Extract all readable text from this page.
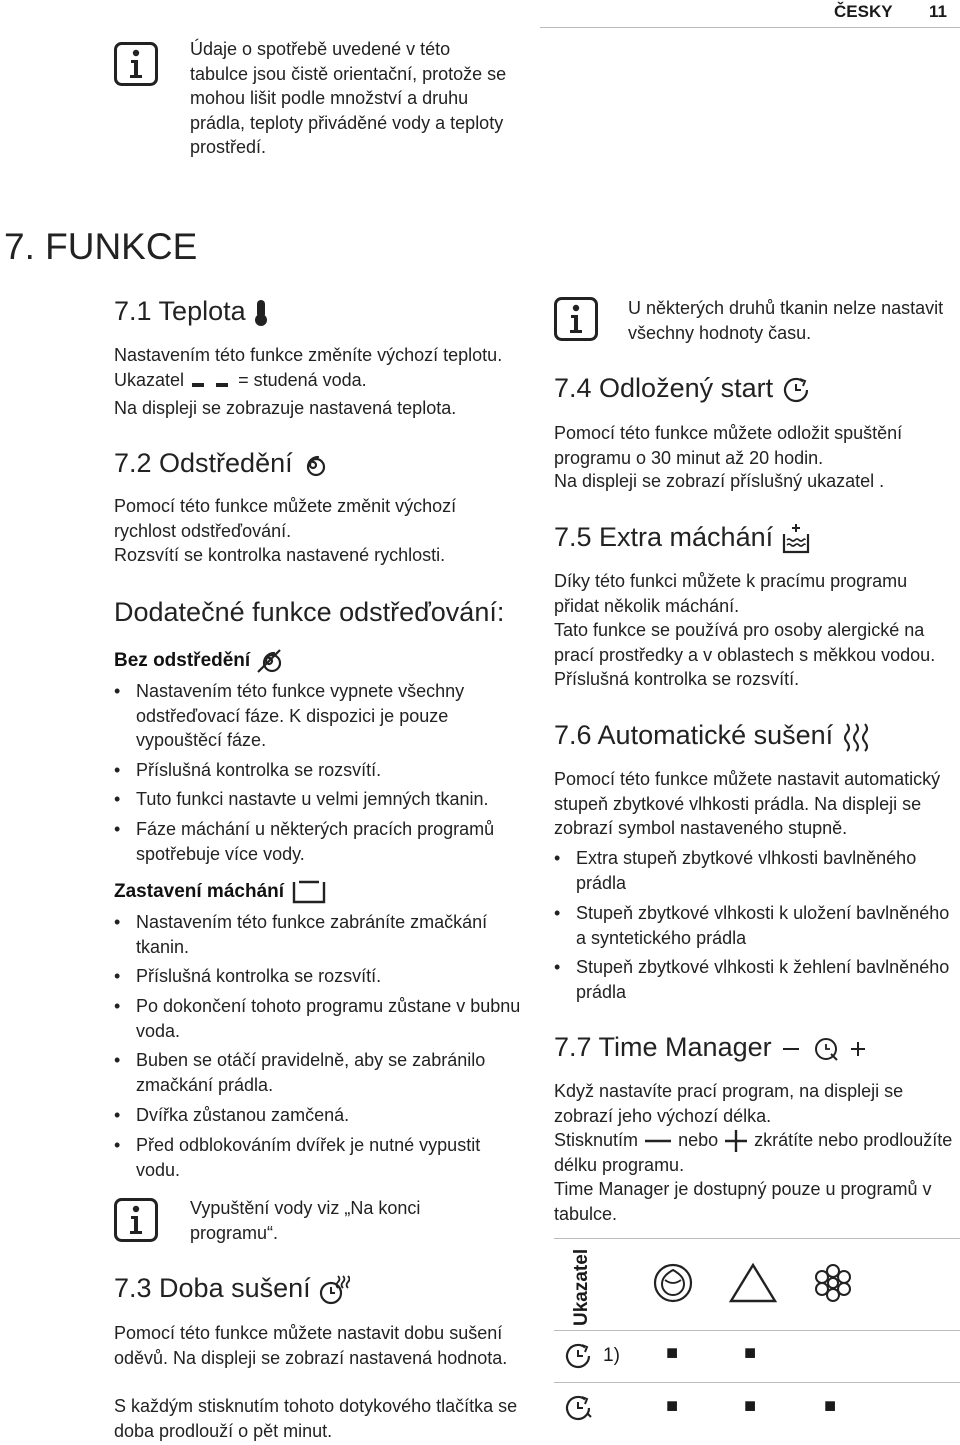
ČESKY 11
Údaje o spotřebě uvedené v této tabulce jsou čistě orientační, protože se mohou lišit podle množství a druhu prádla, teploty přiváděné vody a teploty prostředí.
7. FUNKCE
7.1 Teplota
Nastavením této funkce změníte výchozí teplotu.
Ukazatel	= studená voda.
Na displeji se zobrazuje nastavená teplota.
7.2 Odstředění
Pomocí této funkce můžete změnit výchozí rychlost odstřeďování.
Rozsvítí se kontrolka nastavené rychlosti.
Dodatečné funkce odstřeďování:
Bez odstředění
• Nastavením této funkce vypnete všechny odstřeďovací fáze. K dispozici je pouze vypouštěcí fáze.
• Příslušná kontrolka se rozsvítí.
• Tuto funkci nastavte u velmi jemných tkanin.
• Fáze máchání u některých pracích programů spotřebuje více vody.
Zastavení máchání
• Nastavením této funkce zabráníte zmačkání tkanin.
• Příslušná kontrolka se rozsvítí.
• Po dokončení tohoto programu zůstane v bubnu voda.
• Buben se otáčí pravidelně, aby se zabránilo zmačkání prádla.
• Dvířka zůstanou zamčená.
• Před odblokováním dvířek je nutné vypustit vodu.
Vypuštění vody viz „Na konci programu“.
7.3 Doba sušení
Pomocí této funkce můžete nastavit dobu sušení oděvů. Na displeji se zobrazí nastavená hodnota.
S každým stisknutím tohoto dotykového tlačítka se doba prodlouží o pět minut.
U některých druhů tkanin nelze nastavit všechny hodnoty času.
7.4 Odložený start
Pomocí této funkce můžete odložit spuštění programu o 30 minut až 20 hodin.
Na displeji se zobrazí příslušný ukazatel .
7.5 Extra máchání
Díky této funkci můžete k pracímu programu přidat několik máchání.
Tato funkce se používá pro osoby alergické na prací prostředky a v oblastech s měkkou vodou.
Příslušná kontrolka se rozsvítí.
7.6 Automatické sušení
Pomocí této funkce můžete nastavit automatický stupeň zbytkové vlhkosti prádla. Na displeji se zobrazí symbol nastaveného stupně.
• Extra stupeň zbytkové vlhkosti bavlněného prádla
• Stupeň zbytkové vlhkosti k uložení bavlněného a syntetického prádla
• Stupeň zbytkové vlhkosti k žehlení bavlněného prádla
7.7 Time Manager
Když nastavíte prací program, na displeji se zobrazí jeho výchozí délka.
Stisknutím nebo zkrátíte nebo prodloužíte délku programu.
Time Manager je dostupný pouze u programů v tabulce.
Ukazatel
1) ■	■
■	■	■
